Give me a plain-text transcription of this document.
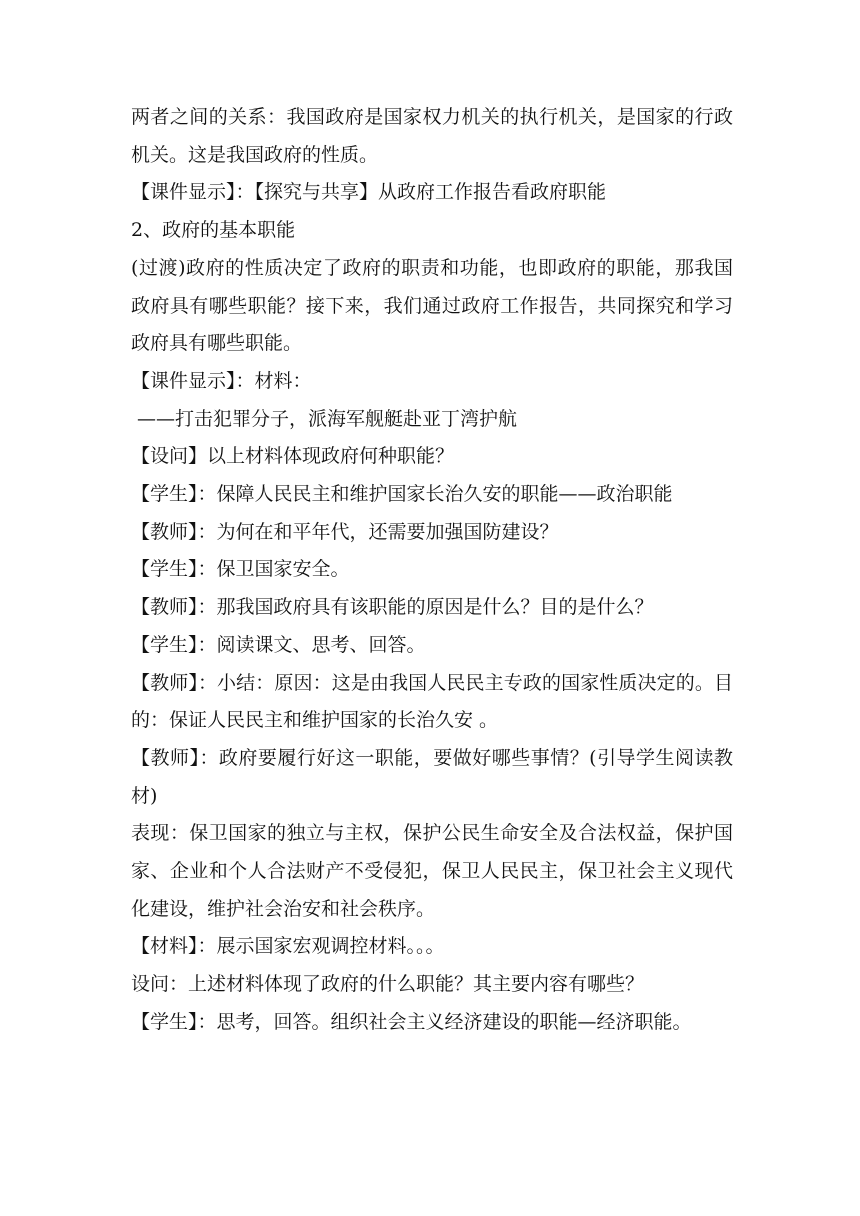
两者之间的关系：我国政府是国家权力机关的执行机关，是国家的行政机关。这是我国政府的性质。

【课件显示】：【探究与共享】从政府工作报告看政府职能

2、政府的基本职能

(过渡)政府的性质决定了政府的职责和功能，也即政府的职能，那我国政府具有哪些职能？接下来，我们通过政府工作报告，共同探究和学习政府具有哪些职能。

【课件显示】：材料：

——打击犯罪分子，派海军舰艇赴亚丁湾护航

【设问】以上材料体现政府何种职能？

【学生】：保障人民民主和维护国家长治久安的职能——政治职能

【教师】：为何在和平年代，还需要加强国防建设？

【学生】：保卫国家安全。

【教师】：那我国政府具有该职能的原因是什么？目的是什么？

【学生】：阅读课文、思考、回答。

【教师】：小结：原因：这是由我国人民民主专政的国家性质决定的。目的：保证人民民主和维护国家的长治久安 。

【教师】：政府要履行好这一职能，要做好哪些事情？(引导学生阅读教材)

表现：保卫国家的独立与主权，保护公民生命安全及合法权益，保护国家、企业和个人合法财产不受侵犯，保卫人民民主，保卫社会主义现代化建设，维护社会治安和社会秩序。

【材料】：展示国家宏观调控材料。。。

设问：上述材料体现了政府的什么职能？其主要内容有哪些？

【学生】：思考，回答。组织社会主义经济建设的职能—经济职能。
